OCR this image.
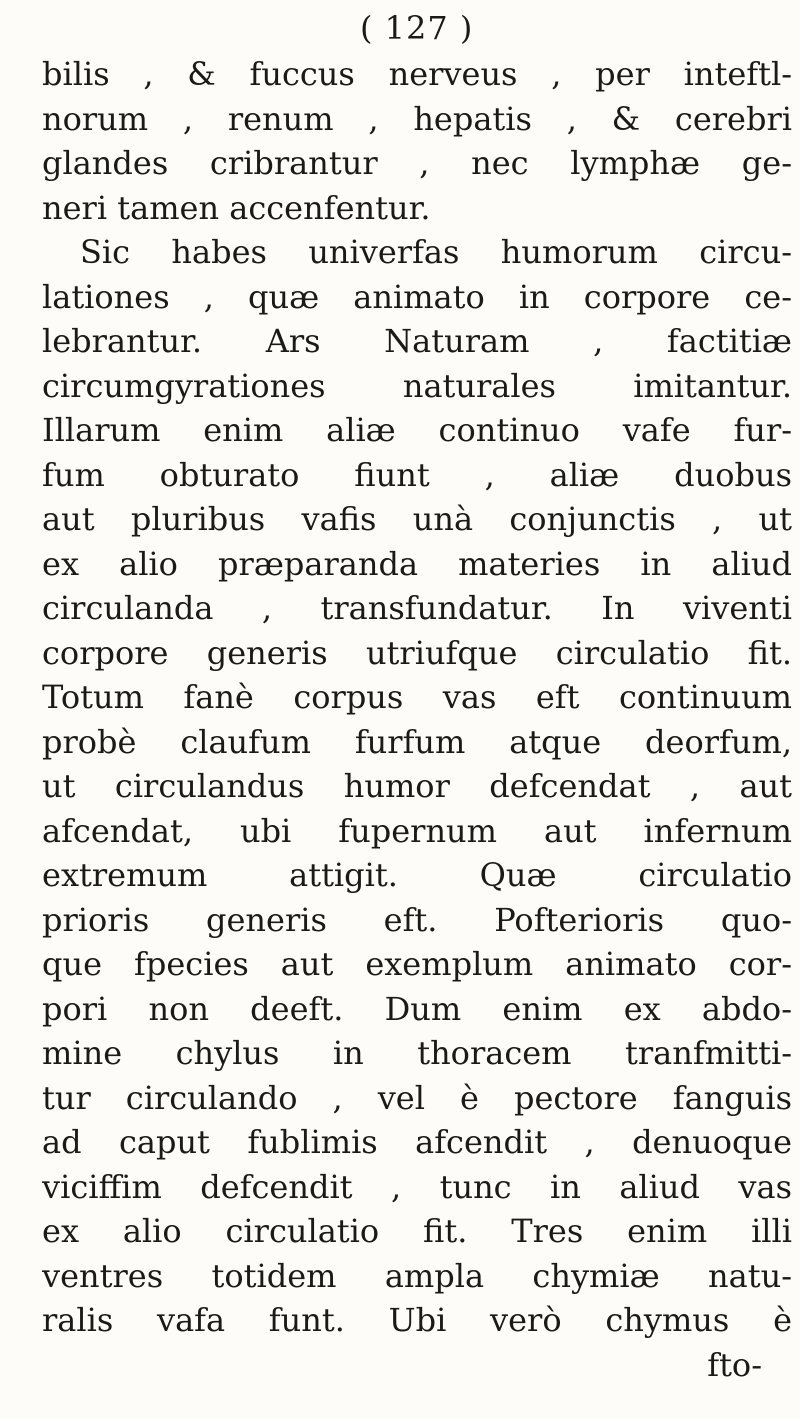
( 127 )
bilis , & fuccus nerveus , per inteftl-
norum , renum , hepatis , & cerebri
glandes cribrantur , nec lymphæ ge-
neri tamen accenfentur.
Sic habes univerfas humorum circu-
lationes , quæ animato in corpore ce-
lebrantur. Ars Naturam , factitiæ
circumgyrationes naturales imitantur.
Illarum enim aliæ continuo vafe fur-
fum obturato fiunt , aliæ duobus
aut pluribus vafis unà conjunctis , ut
ex alio præparanda materies in aliud
circulanda , transfundatur. In viventi
corpore generis utriufque circulatio fit.
Totum fanè corpus vas eft continuum
probè claufum furfum atque deorfum,
ut circulandus humor defcendat , aut
afcendat, ubi fupernum aut infernum
extremum attigit. Quæ circulatio
prioris generis eft. Pofterioris quo-
que fpecies aut exemplum animato cor-
pori non deeft. Dum enim ex abdo-
mine chylus in thoracem tranfmitti-
tur circulando , vel è pectore fanguis
ad caput fublimis afcendit , denuoque
viciffim defcendit , tunc in aliud vas
ex alio circulatio fit. Tres enim illi
ventres totidem ampla chymiæ natu-
ralis vafa funt. Ubi verò chymus è
fto-
